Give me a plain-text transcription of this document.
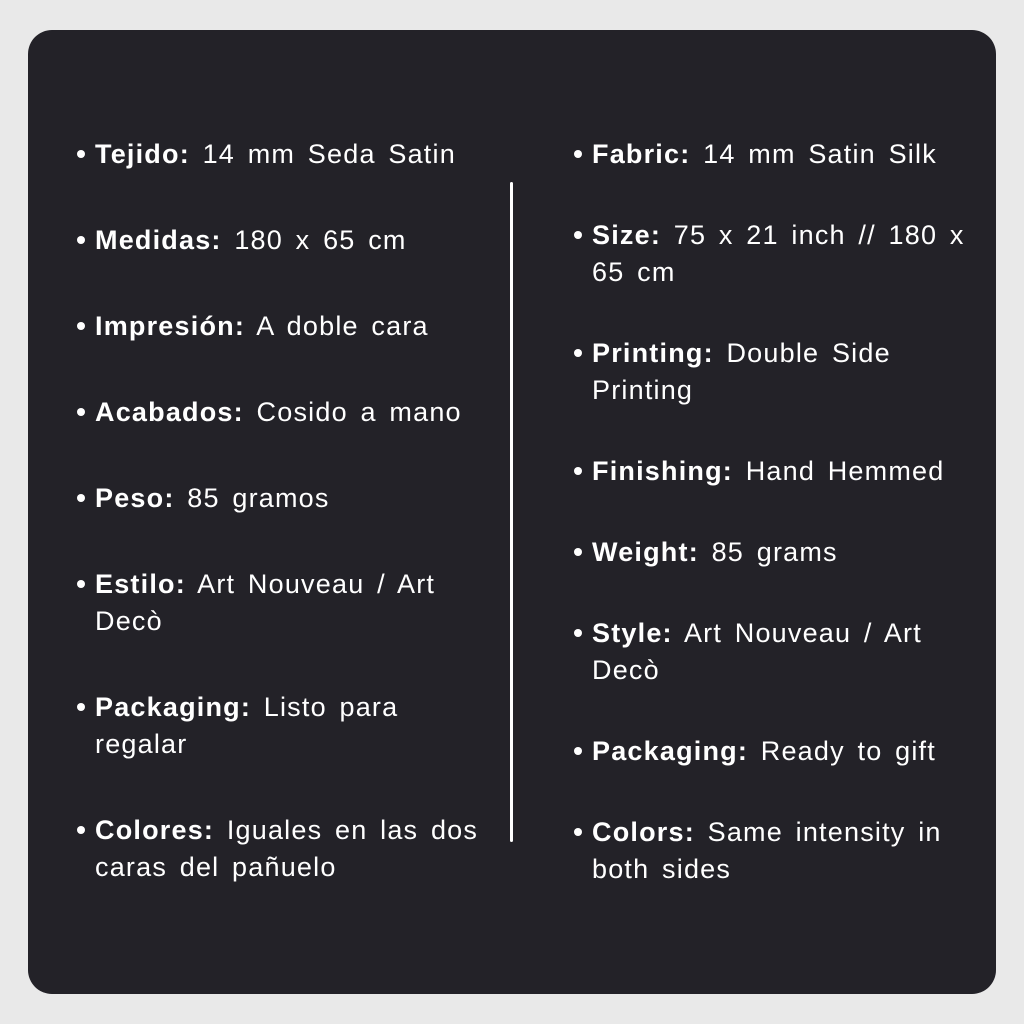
Tejido: 14 mm Seda Satin
Medidas: 180 x 65 cm
Impresión: A doble cara
Acabados: Cosido a mano
Peso: 85 gramos
Estilo: Art Nouveau / Art Decò
Packaging: Listo para regalar
Colores: Iguales en las dos caras del pañuelo
Fabric: 14 mm Satin Silk
Size: 75 x 21 inch // 180 x 65 cm
Printing: Double Side Printing
Finishing: Hand Hemmed
Weight: 85 grams
Style: Art Nouveau / Art Decò
Packaging: Ready to gift
Colors: Same intensity in both sides
